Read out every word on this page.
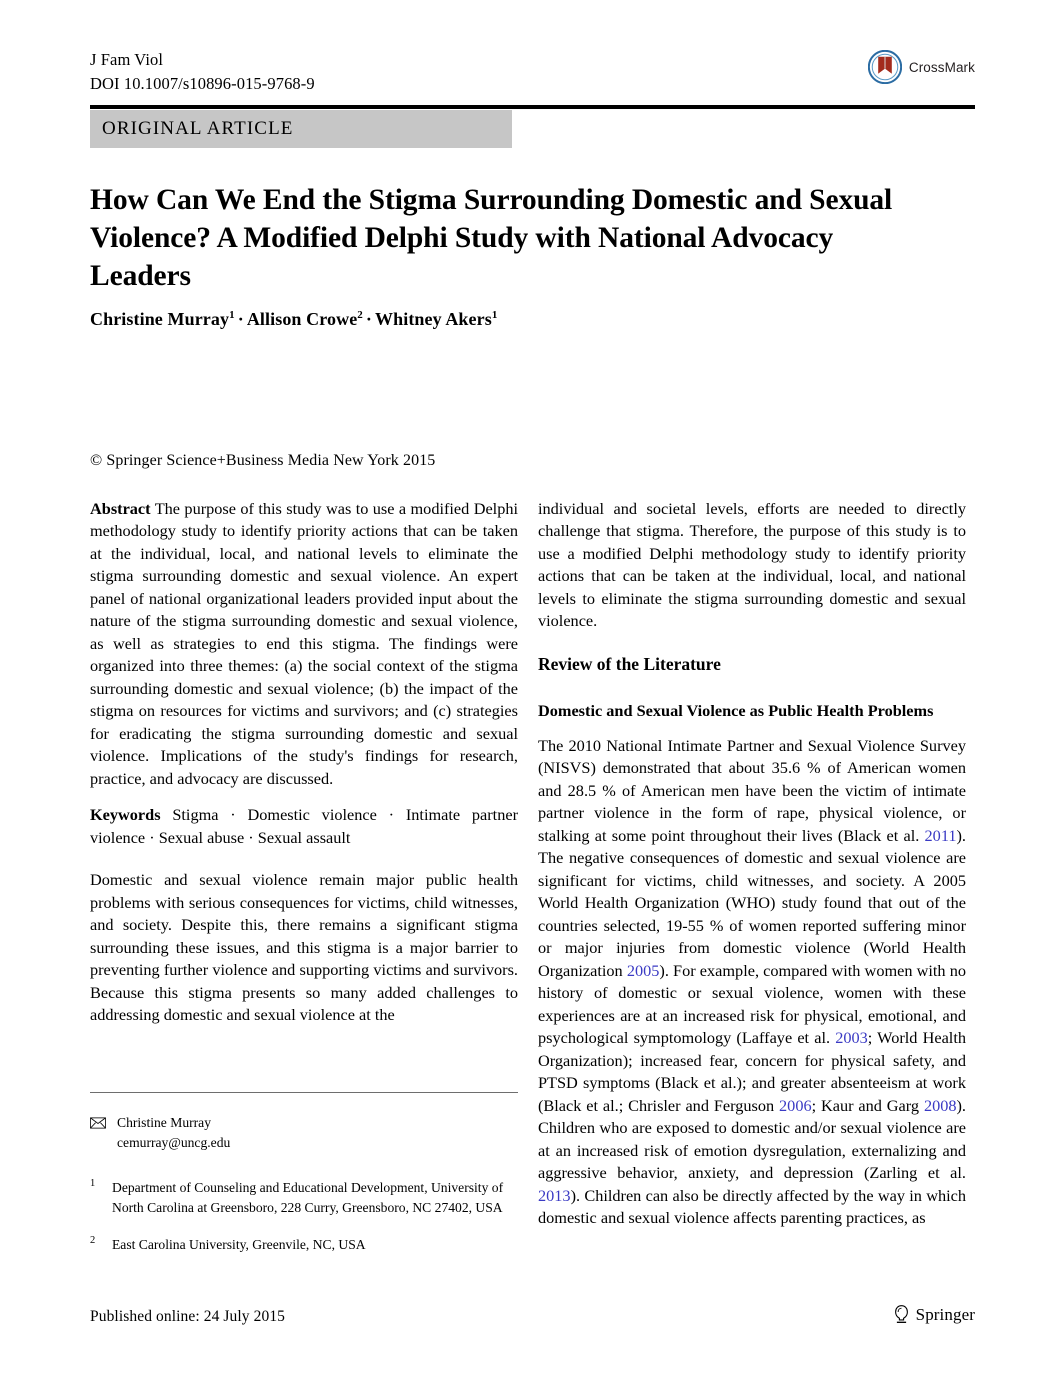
J Fam Viol
DOI 10.1007/s10896-015-9768-9
CrossMark
ORIGINAL ARTICLE
How Can We End the Stigma Surrounding Domestic and Sexual Violence? A Modified Delphi Study with National Advocacy Leaders
Christine Murray$^1$ · Allison Crowe$^2$ · Whitney Akers$^1$
© Springer Science+Business Media New York 2015

Abstract The purpose of this study was to use a modified Delphi methodology study to identify priority actions that can be taken at the individual, local, and national levels to eliminate the stigma surrounding domestic and sexual violence. An expert panel of national organizational leaders provided input about the nature of the stigma surrounding domestic and sexual violence, as well as strategies to end this stigma. The findings were organized into three themes: (a) the social context of the stigma surrounding domestic and sexual violence; (b) the impact of the stigma on resources for victims and survivors; and (c) strategies for eradicating the stigma surrounding domestic and sexual violence. Implications of the study's findings for research, practice, and advocacy are discussed.

Keywords Stigma · Domestic violence · Intimate partner violence · Sexual abuse · Sexual assault

Domestic and sexual violence remain major public health problems with serious consequences for victims, child witnesses, and society. Despite this, there remains a significant stigma surrounding these issues, and this stigma is a major barrier to preventing further violence and supporting victims and survivors. Because this stigma presents so many added challenges to addressing domestic and sexual violence at the

individual and societal levels, efforts are needed to directly challenge that stigma. Therefore, the purpose of this study is to use a modified Delphi methodology study to identify priority actions that can be taken at the individual, local, and national levels to eliminate the stigma surrounding domestic and sexual violence.

Review of the Literature
Domestic and Sexual Violence as Public Health Problems

The 2010 National Intimate Partner and Sexual Violence Survey (NISVS) demonstrated that about 35.6 % of American women and 28.5 % of American men have been the victim of intimate partner violence in the form of rape, physical violence, or stalking at some point throughout their lives (Black et al. 2011). The negative consequences of domestic and sexual violence are significant for victims, child witnesses, and society. A 2005 World Health Organization (WHO) study found that out of the countries selected, 19-55 % of women reported suffering minor or major injuries from domestic violence (World Health Organization 2005). For example, compared with women with no history of domestic or sexual violence, women with these experiences are at an increased risk for physical, emotional, and psychological symptomology (Laffaye et al. 2003; World Health Organization); increased fear, concern for physical safety, and PTSD symptoms (Black et al.); and greater absenteeism at work (Black et al.; Chrisler and Ferguson 2006; Kaur and Garg 2008). Children who are exposed to domestic and/or sexual violence are at an increased risk of emotion dysregulation, externalizing and aggressive behavior, anxiety, and depression (Zarling et al. 2013). Children can also be directly affected by the way in which domestic and sexual violence affects parenting practices, as

Christine Murray
cemurray@uncg.edu
1	Department of Counseling and Educational Development, University of North Carolina at Greensboro, 228 Curry, Greensboro, NC 27402, USA
2	East Carolina University, Greenvile, NC, USA
Published online: 24 July 2015	Springer
